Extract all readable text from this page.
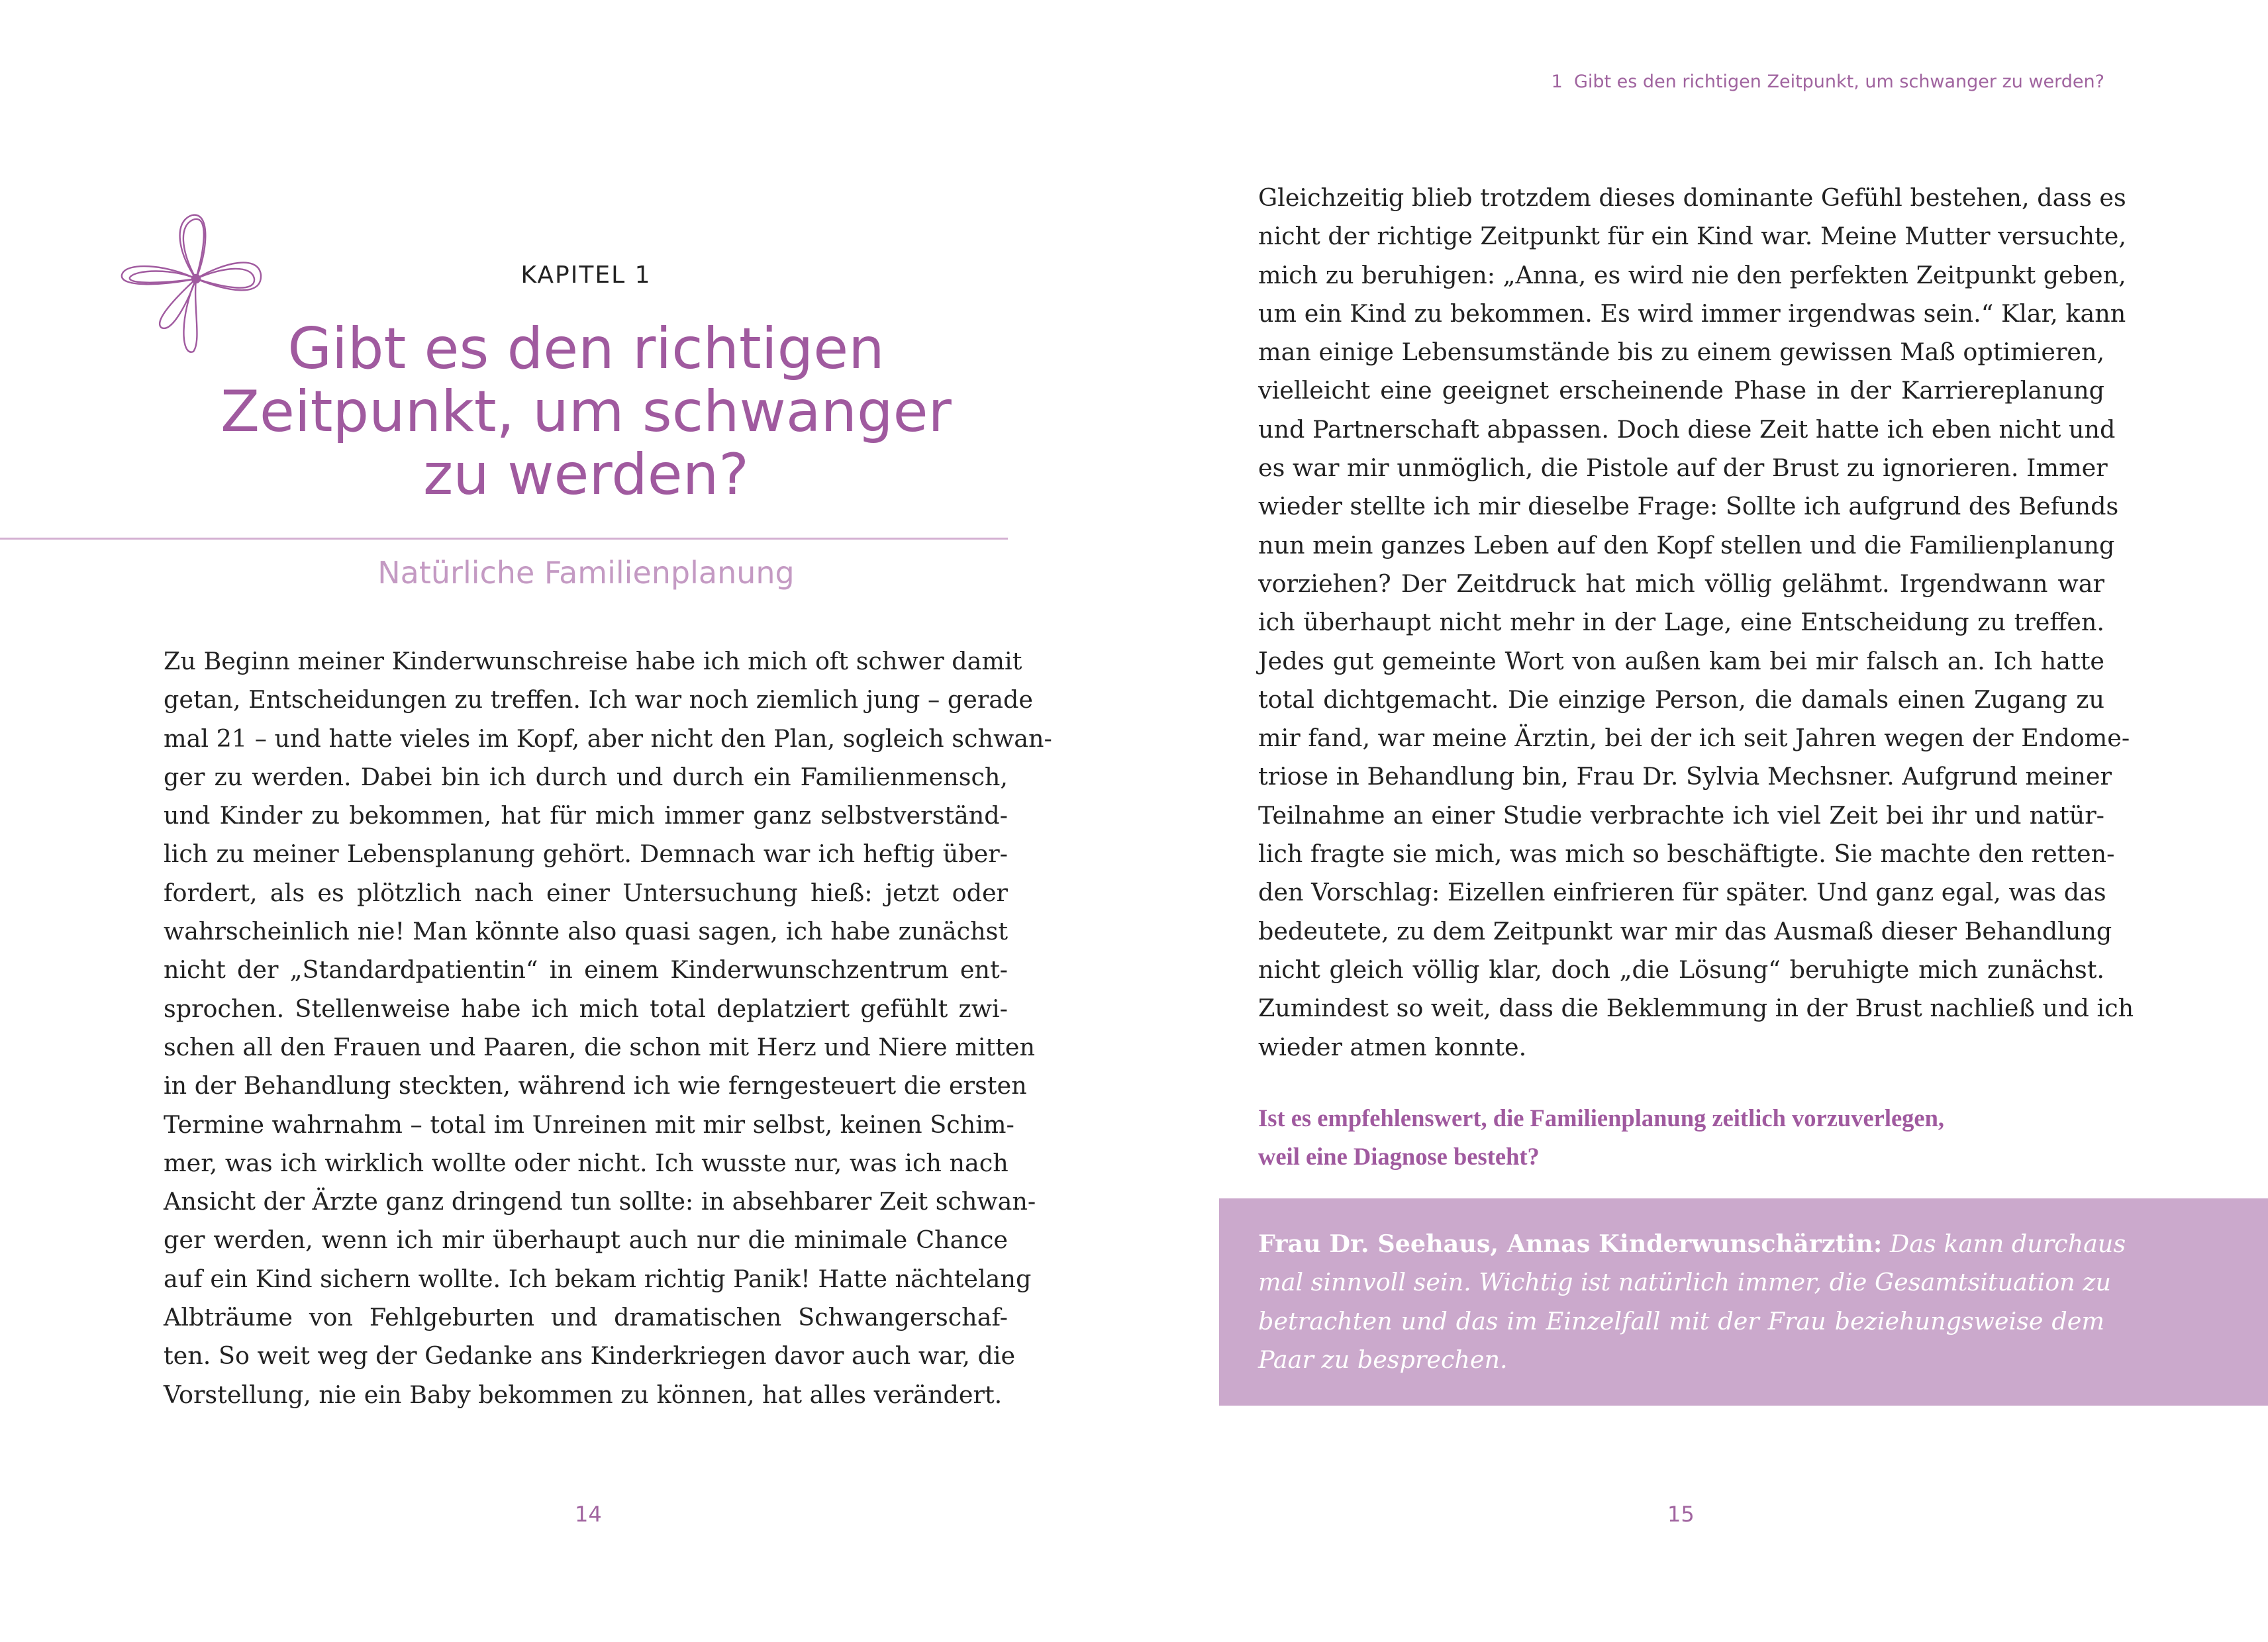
1 Gibt es den richtigen Zeitpunkt, um schwanger zu werden?
KAPITEL 1
Gibt es den richtigen
Zeitpunkt, um schwanger
zu werden?
Natürliche Familienplanung
Zu Beginn meiner Kinderwunschreise habe ich mich oft schwer damit
getan, Entscheidungen zu treffen. Ich war noch ziemlich jung – gerade
mal 21 – und hatte vieles im Kopf, aber nicht den Plan, sogleich schwan-
ger zu werden. Dabei bin ich durch und durch ein Familienmensch,
und Kinder zu bekommen, hat für mich immer ganz selbstverständ-
lich zu meiner Lebensplanung gehört. Demnach war ich heftig über-
fordert, als es plötzlich nach einer Untersuchung hieß: jetzt oder
wahrscheinlich nie! Man könnte also quasi sagen, ich habe zunächst
nicht der „Standardpatientin“ in einem Kinderwunschzentrum ent-
sprochen. Stellenweise habe ich mich total deplatziert gefühlt zwi-
schen all den Frauen und Paaren, die schon mit Herz und Niere mitten
in der Behandlung steckten, während ich wie ferngesteuert die ersten
Termine wahrnahm – total im Unreinen mit mir selbst, keinen Schim-
mer, was ich wirklich wollte oder nicht. Ich wusste nur, was ich nach
Ansicht der Ärzte ganz dringend tun sollte: in absehbarer Zeit schwan-
ger werden, wenn ich mir überhaupt auch nur die minimale Chance
auf ein Kind sichern wollte. Ich bekam richtig Panik! Hatte nächtelang
Albträume von Fehlgeburten und dramatischen Schwangerschaf-
ten. So weit weg der Gedanke ans Kinderkriegen davor auch war, die
Vorstellung, nie ein Baby bekommen zu können, hat alles verändert.
Gleichzeitig blieb trotzdem dieses dominante Gefühl bestehen, dass es
nicht der richtige Zeitpunkt für ein Kind war. Meine Mutter versuchte,
mich zu beruhigen: „Anna, es wird nie den perfekten Zeitpunkt geben,
um ein Kind zu bekommen. Es wird immer irgendwas sein.“ Klar, kann
man einige Lebensumstände bis zu einem gewissen Maß optimieren,
vielleicht eine geeignet erscheinende Phase in der Karriereplanung
und Partnerschaft abpassen. Doch diese Zeit hatte ich eben nicht und
es war mir unmöglich, die Pistole auf der Brust zu ignorieren. Immer
wieder stellte ich mir dieselbe Frage: Sollte ich aufgrund des Befunds
nun mein ganzes Leben auf den Kopf stellen und die Familienplanung
vorziehen? Der Zeitdruck hat mich völlig gelähmt. Irgendwann war
ich überhaupt nicht mehr in der Lage, eine Entscheidung zu treffen.
Jedes gut gemeinte Wort von außen kam bei mir falsch an. Ich hatte
total dichtgemacht. Die einzige Person, die damals einen Zugang zu
mir fand, war meine Ärztin, bei der ich seit Jahren wegen der Endome-
triose in Behandlung bin, Frau Dr. Sylvia Mechsner. Aufgrund meiner
Teilnahme an einer Studie verbrachte ich viel Zeit bei ihr und natür-
lich fragte sie mich, was mich so beschäftigte. Sie machte den retten-
den Vorschlag: Eizellen einfrieren für später. Und ganz egal, was das
bedeutete, zu dem Zeitpunkt war mir das Ausmaß dieser Behandlung
nicht gleich völlig klar, doch „die Lösung“ beruhigte mich zunächst.
Zumindest so weit, dass die Beklemmung in der Brust nachließ und ich
wieder atmen konnte.
Ist es empfehlenswert, die Familienplanung zeitlich vorzuverlegen,
weil eine Diagnose besteht?
Frau Dr. Seehaus, Annas Kinderwunschärztin: Das kann durchaus
mal sinnvoll sein. Wichtig ist natürlich immer, die Gesamtsituation zu
betrachten und das im Einzelfall mit der Frau beziehungsweise dem
Paar zu besprechen.
14	15
